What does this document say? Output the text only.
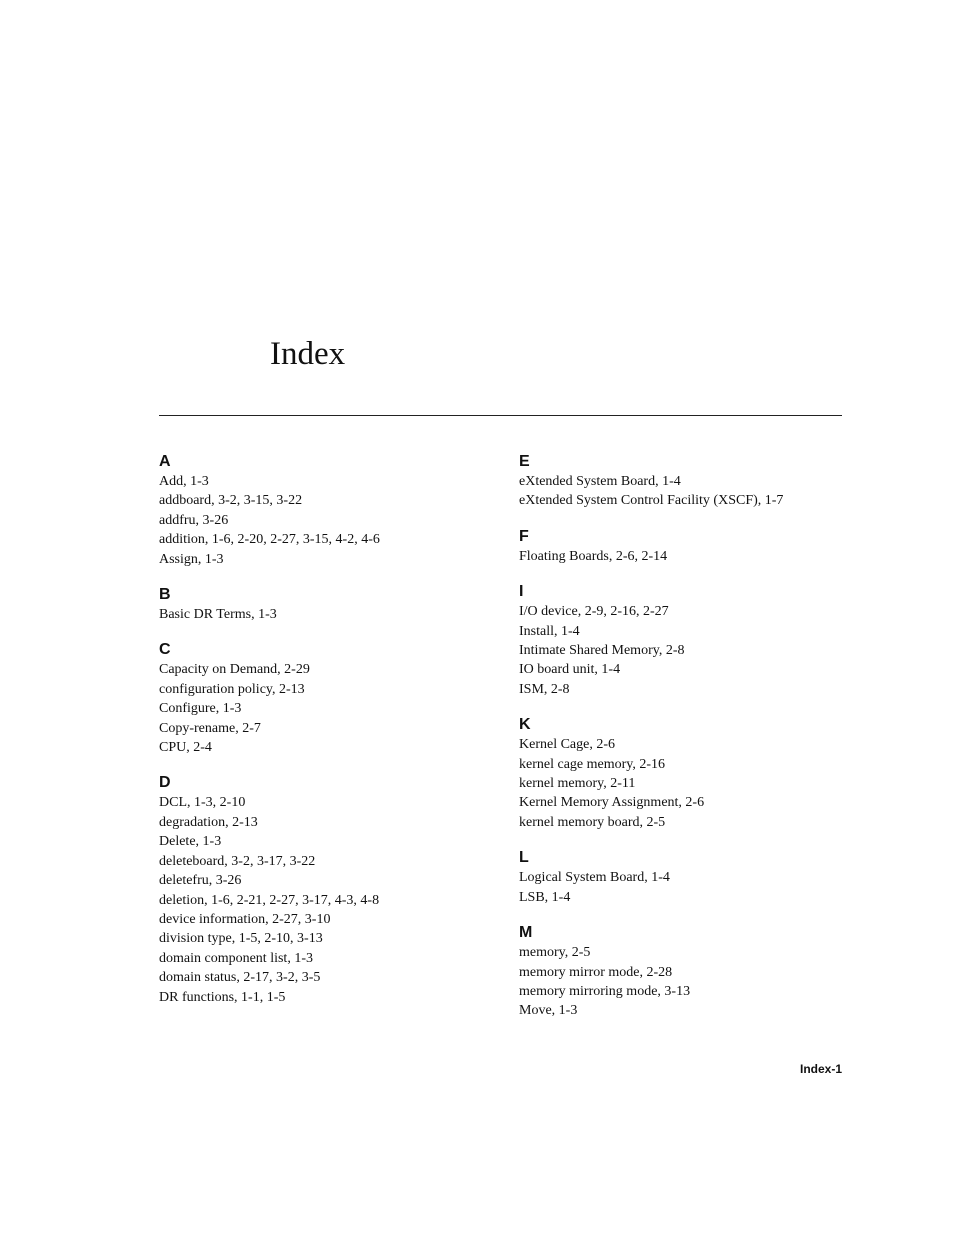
Index
A
Add, 1-3
addboard, 3-2, 3-15, 3-22
addfru, 3-26
addition, 1-6, 2-20, 2-27, 3-15, 4-2, 4-6
Assign, 1-3
B
Basic DR Terms, 1-3
C
Capacity on Demand, 2-29
configuration policy, 2-13
Configure, 1-3
Copy-rename, 2-7
CPU, 2-4
D
DCL, 1-3, 2-10
degradation, 2-13
Delete, 1-3
deleteboard, 3-2, 3-17, 3-22
deletefru, 3-26
deletion, 1-6, 2-21, 2-27, 3-17, 4-3, 4-8
device information, 2-27, 3-10
division type, 1-5, 2-10, 3-13
domain component list, 1-3
domain status, 2-17, 3-2, 3-5
DR functions, 1-1, 1-5
E
eXtended System Board, 1-4
eXtended System Control Facility (XSCF), 1-7
F
Floating Boards, 2-6, 2-14
I
I/O device, 2-9, 2-16, 2-27
Install, 1-4
Intimate Shared Memory, 2-8
IO board unit, 1-4
ISM, 2-8
K
Kernel Cage, 2-6
kernel cage memory, 2-16
kernel memory, 2-11
Kernel Memory Assignment, 2-6
kernel memory board, 2-5
L
Logical System Board, 1-4
LSB, 1-4
M
memory, 2-5
memory mirror mode, 2-28
memory mirroring mode, 3-13
Move, 1-3
Index-1
